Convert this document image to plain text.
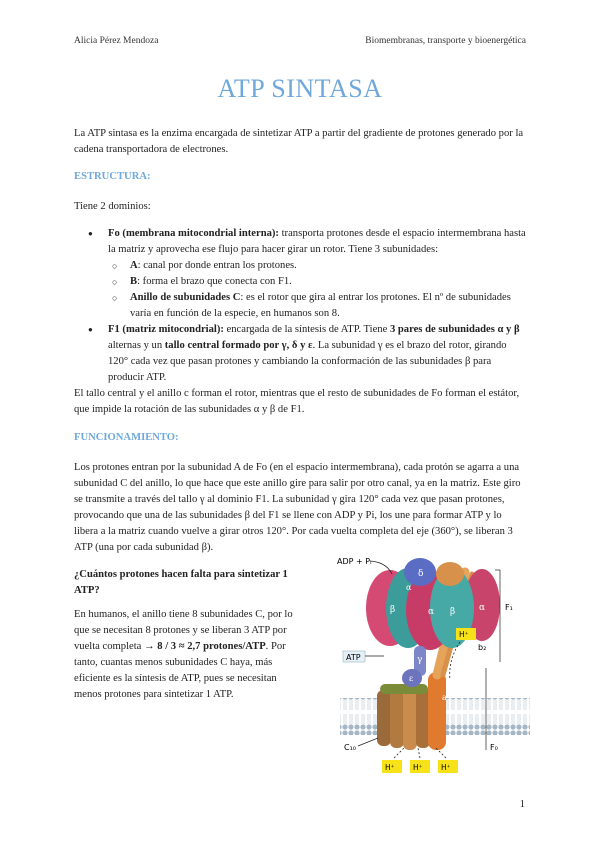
Alicia Pérez Mendoza	Biomembranas, transporte y bioenergética
ATP SINTASA

La ATP sintasa es la enzima encargada de sintetizar ATP a partir del gradiente de protones generado por la cadena transportadora de electrones.

ESTRUCTURA:

Tiene 2 dominios:

● Fo (membrana mitocondrial interna): transporta protones desde el espacio intermembrana hasta la matriz y aprovecha ese flujo para hacer girar un rotor. Tiene 3 subunidades:
○ A: canal por donde entran los protones.
○ B: forma el brazo que conecta con F1.
○ Anillo de subunidades C: es el rotor que gira al entrar los protones. El nº de subunidades varía en función de la especie, en humanos son 8.
● F1 (matriz mitocondrial): encargada de la síntesis de ATP. Tiene 3 pares de subunidades α y β alternas y un tallo central formado por γ, δ y ε. La subunidad γ es el brazo del rotor, girando 120° cada vez que pasan protones y cambiando la conformación de las subunidades β para producir ATP.

El tallo central y el anillo c forman el rotor, mientras que el resto de subunidades de Fo forman el estátor, que impide la rotación de las subunidades α y β de F1.

FUNCIONAMIENTO:

Los protones entran por la subunidad A de Fo (en el espacio intermembrana), cada protón se agarra a una subunidad C del anillo, lo que hace que este anillo gire para salir por otro canal, ya en la matriz. Este giro se transmite a través del tallo γ al dominio F1. La subunidad γ gira 120° cada vez que pasan protones, provocando que una de las subunidades β del F1 se llene con ADP y Pi, los une para formar ATP y lo libera a la matriz cuando vuelve a girar otros 120°. Por cada vuelta completa del eje (360°), se liberan 3 ATP (una por cada subunidad β).

¿Cuántos protones hacen falta para sintetizar 1 ATP?

En humanos, el anillo tiene 8 subunidades C, por lo que se necesitan 8 protones y se liberan 3 ATP por vuelta completa → 8 / 3 ≈ 2,7 protones/ATP. Por tanto, cuantas menos subunidades C haya, más eficiente es la síntesis de ATP, pues se necesitan menos protones para sintetizar 1 ATP.

δ
β
α
α β	α
γ
ε
ADP + Pᵢ
ATP
F₁
b₂
F₀
C₁₀
a
H⁺
H⁺ H⁺ H⁺
1
